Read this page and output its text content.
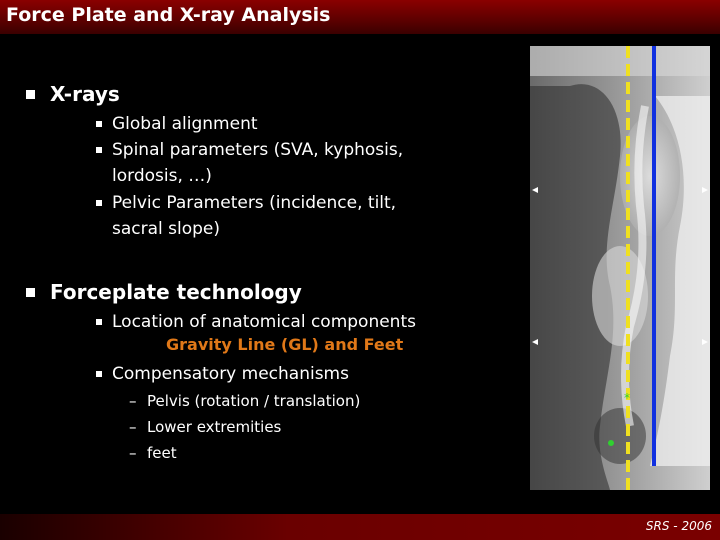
Force Plate and X-ray Analysis
X-rays
Global alignment
Spinal parameters (SVA, kyphosis,
lordosis, …)
Pelvic Parameters (incidence, tilt,
sacral slope)
Forceplate technology
Location of anatomical components
Gravity Line (GL) and Feet
Compensatory mechanisms
– Pelvis (rotation / translation)
– Lower extremities
– feet
*
SRS - 2006
